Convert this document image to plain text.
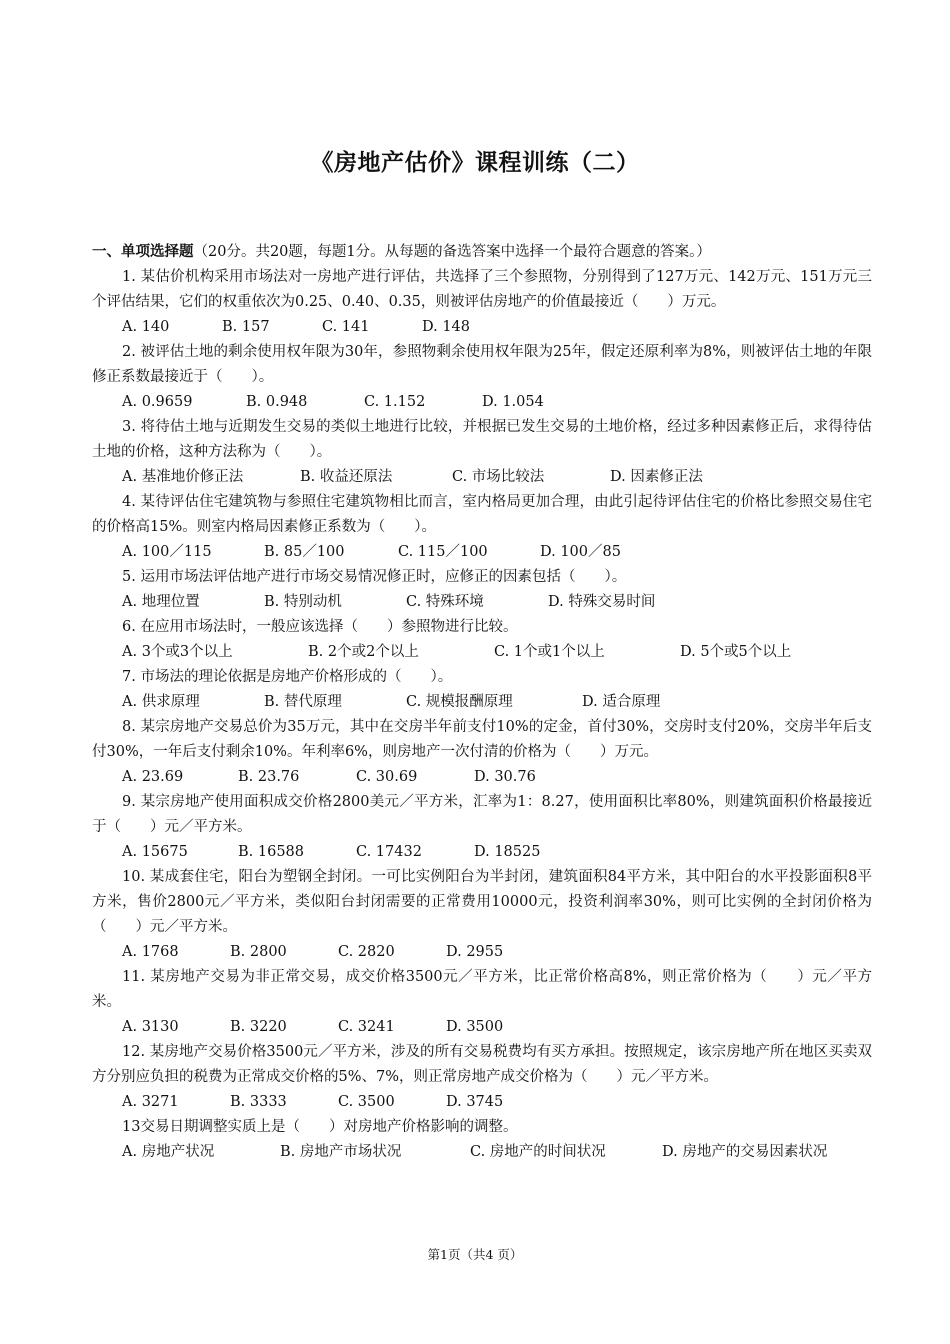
《房地产估价》课程训练（二）
一、单项选择题（20分。共20题，每题1分。从每题的备选答案中选择一个最符合题意的答案。）
1. 某估价机构采用市场法对一房地产进行评估，共选择了三个参照物，分别得到了127万元、142万元、151万元三个评估结果，它们的权重依次为0.25、0.40、0.35，则被评估房地产的价值最接近（　　）万元。
A. 140	B. 157	C. 141	D. 148
2. 被评估土地的剩余使用权年限为30年，参照物剩余使用权年限为25年，假定还原利率为8%，则被评估土地的年限修正系数最接近于（　　）。
A. 0.9659	B. 0.948	C. 1.152	D. 1.054
3. 将待估土地与近期发生交易的类似土地进行比较，并根据已发生交易的土地价格，经过多种因素修正后，求得待估土地的价格，这种方法称为（　　）。
A. 基准地价修正法	B. 收益还原法	C. 市场比较法	D. 因素修正法
4. 某待评估住宅建筑物与参照住宅建筑物相比而言，室内格局更加合理，由此引起待评估住宅的价格比参照交易住宅的价格高15%。则室内格局因素修正系数为（　　）。
A. 100／115	B. 85／100	C. 115／100	D. 100／85
5. 运用市场法评估地产进行市场交易情况修正时，应修正的因素包括（　　）。
A. 地理位置	B. 特别动机	C. 特殊环境	D. 特殊交易时间
6. 在应用市场法时，一般应该选择（　　）参照物进行比较。
A. 3个或3个以上	B. 2个或2个以上	C. 1个或1个以上	D. 5个或5个以上
7. 市场法的理论依据是房地产价格形成的（　　）。
A. 供求原理	B. 替代原理	C. 规模报酬原理	D. 适合原理
8. 某宗房地产交易总价为35万元，其中在交房半年前支付10%的定金，首付30%，交房时支付20%，交房半年后支付30%，一年后支付剩余10%。年利率6%，则房地产一次付清的价格为（　　）万元。
A. 23.69	B. 23.76	C. 30.69	D. 30.76
9. 某宗房地产使用面积成交价格2800美元／平方米，汇率为1：8.27，使用面积比率80%，则建筑面积价格最接近于（　　）元／平方米。
A. 15675	B. 16588	C. 17432	D. 18525
10. 某成套住宅，阳台为塑钢全封闭。一可比实例阳台为半封闭，建筑面积84平方米，其中阳台的水平投影面积8平方米，售价2800元／平方米，类似阳台封闭需要的正常费用10000元，投资利润率30%，则可比实例的全封闭价格为（　　）元／平方米。
A. 1768	B. 2800	C. 2820	D. 2955
11. 某房地产交易为非正常交易，成交价格3500元／平方米，比正常价格高8%，则正常价格为（　　）元／平方米。
A. 3130	B. 3220	C. 3241	D. 3500
12. 某房地产交易价格3500元／平方米，涉及的所有交易税费均有买方承担。按照规定，该宗房地产所在地区买卖双方分别应负担的税费为正常成交价格的5%、7%，则正常房地产成交价格为（　　）元／平方米。
A. 3271	B. 3333	C. 3500	D. 3745
13交易日期调整实质上是（　　）对房地产价格影响的调整。
A. 房地产状况	B. 房地产市场状况	C. 房地产的时间状况	D. 房地产的交易因素状况
第1页（共4 页）
